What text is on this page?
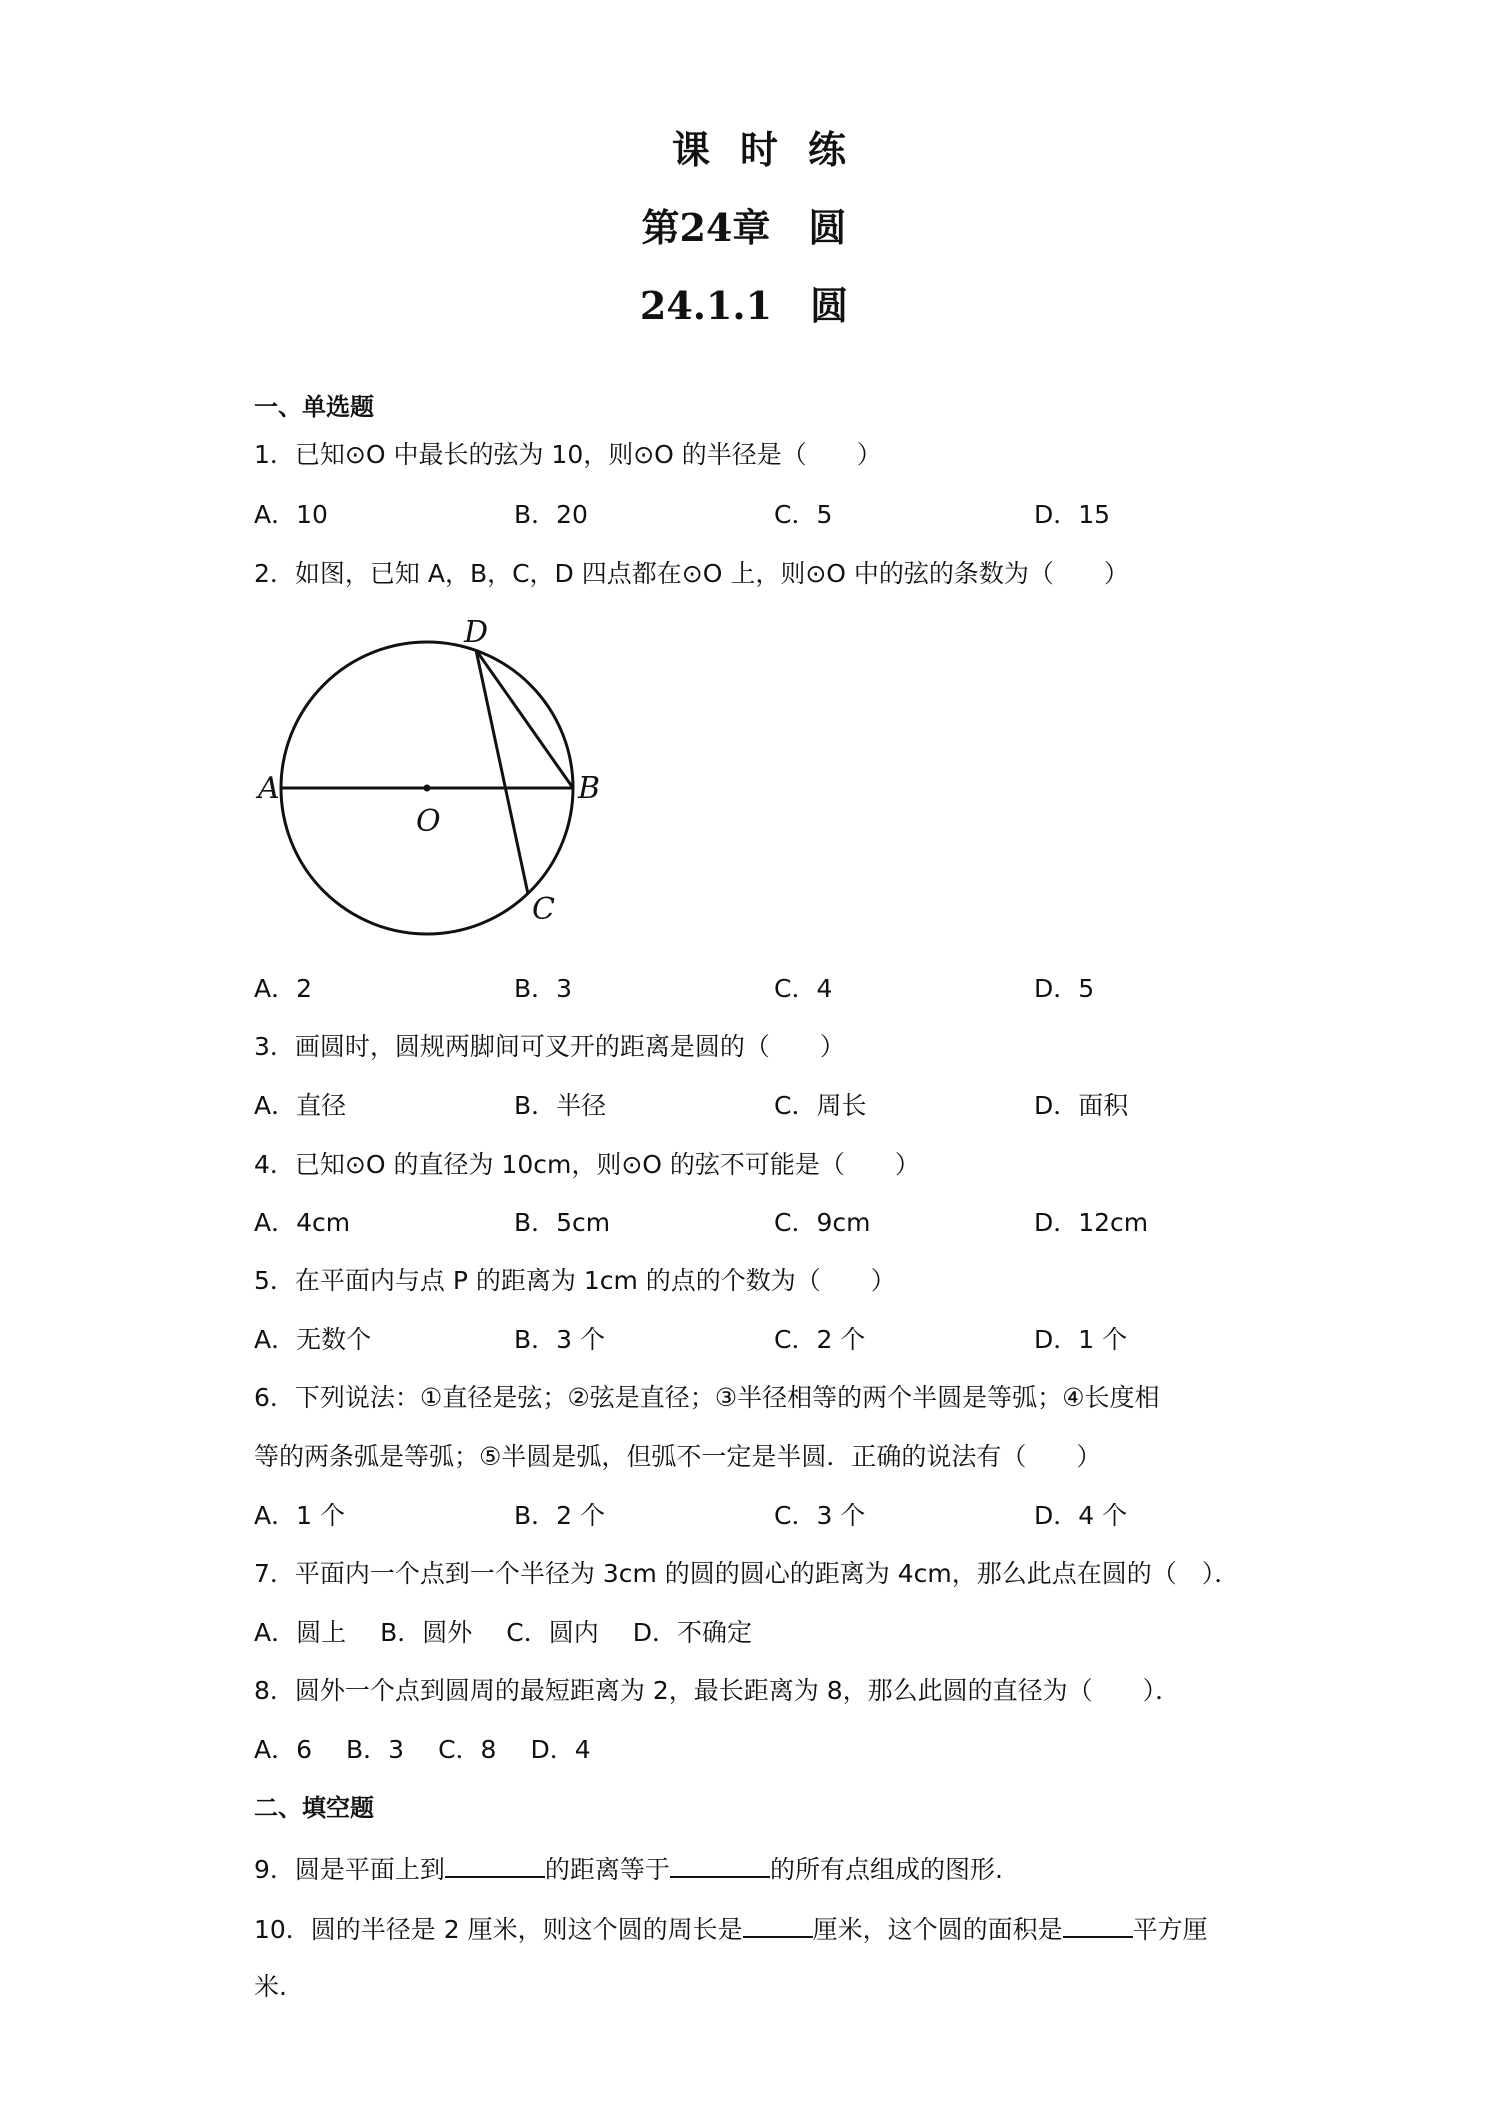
课时练
第24章　圆
24.1.1　圆
一、单选题
1．已知⊙O 中最长的弦为 10，则⊙O 的半径是（　　）
A．10	B．20	C．5	D．15
2．如图，已知 A，B，C，D 四点都在⊙O 上，则⊙O 中的弦的条数为（　　）
D
A	B
O
C
A．2	B．3	C．4	D．5
3．画圆时，圆规两脚间可叉开的距离是圆的（　　）
A．直径	B．半径	C．周长	D．面积
4．已知⊙O 的直径为 10cm，则⊙O 的弦不可能是（　　）
A．4cm	B．5cm	C．9cm	D．12cm
5．在平面内与点 P 的距离为 1cm 的点的个数为（　　）
A．无数个	B．3 个	C．2 个	D．1 个
6．下列说法：①直径是弦；②弦是直径；③半径相等的两个半圆是等弧；④长度相
等的两条弧是等弧；⑤半圆是弧，但弧不一定是半圆．正确的说法有（　　）
A．1 个	B．2 个	C．3 个	D．4 个
7．平面内一个点到一个半径为 3cm 的圆的圆心的距离为 4cm，那么此点在圆的（　）．
A．圆上 B．圆外 C．圆内 D．不确定
8．圆外一个点到圆周的最短距离为 2，最长距离为 8，那么此圆的直径为（　　）．
A．6 B．3 C．8 D．4
二、填空题
9．圆是平面上到	的距离等于	的所有点组成的图形.
10．圆的半径是 2 厘米，则这个圆的周长是	厘米，这个圆的面积是	平方厘
米.
